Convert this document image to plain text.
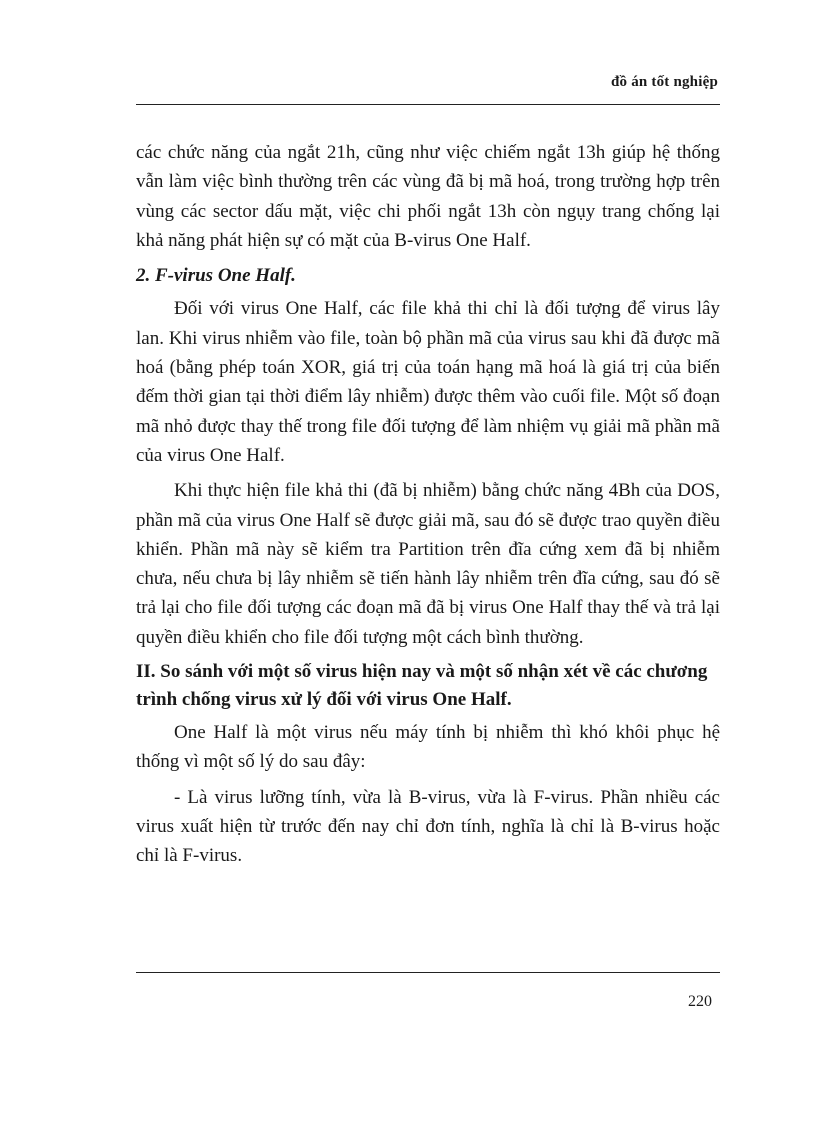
đồ án tốt nghiệp

các chức năng của ngắt 21h, cũng như việc chiếm ngắt 13h giúp hệ thống vẫn làm việc bình thường trên các vùng đã bị mã hoá, trong trường hợp trên vùng các sector dấu mặt, việc chi phối ngắt 13h còn ngụy trang chống lại khả năng phát hiện sự có mặt của B-virus One Half.

2. F-virus One Half.

Đối với virus One Half, các file khả thi chỉ là đối tượng để virus lây lan. Khi virus nhiễm vào file, toàn bộ phần mã của virus sau khi đã được mã hoá (bằng phép toán XOR, giá trị của toán hạng mã hoá là giá trị của biến đếm thời gian tại thời điểm lây nhiễm) được thêm vào cuối file. Một số đoạn mã nhỏ được thay thế trong file đối tượng để làm nhiệm vụ giải mã phần mã của virus One Half.

Khi thực hiện file khả thi (đã bị nhiễm) bằng chức năng 4Bh của DOS, phần mã của virus One Half sẽ được giải mã, sau đó sẽ được trao quyền điều khiển. Phần mã này sẽ kiểm tra Partition trên đĩa cứng xem đã bị nhiễm chưa, nếu chưa bị lây nhiễm sẽ tiến hành lây nhiễm trên đĩa cứng, sau đó sẽ trả lại cho file đối tượng các đoạn mã đã bị virus One Half thay thế và trả lại quyền điều khiển cho file đối tượng một cách bình thường.

II. So sánh với một số virus hiện nay và một số nhận xét về các chương trình chống virus xử lý đối với virus One Half.

One Half là một virus nếu máy tính bị nhiễm thì khó khôi phục hệ thống vì một số lý do sau đây:

- Là virus lưỡng tính, vừa là B-virus, vừa là F-virus. Phần nhiều các virus xuất hiện từ trước đến nay chỉ đơn tính, nghĩa là chỉ là B-virus hoặc chỉ là F-virus.

220
